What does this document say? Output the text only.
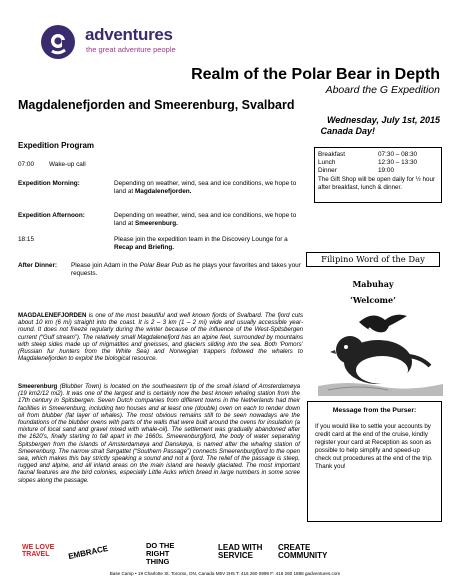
adventures
the great adventure people
Realm of the Polar Bear in Depth
Aboard the G Expedition
Magdalenefjorden and Smeerenburg, Svalbard
Wednesday, July 1st, 2015
Canada Day!
Expedition Program
07:00 Wake-up call
Expedition Morning:	Depending on weather, wind, sea and ice conditions, we hope to land at Magdalenefjorden.
Expedition Afternoon:	Depending on weather, wind, sea and ice conditions, we hope to land at Smeerenburg.
18:15	Please join the expedition team in the Discovery Lounge for a Recap and Briefing.
After Dinner: Please join Adam in the Polar Bear Pub as he plays your favorites and takes your requests.
Breakfast	07:30 – 08:30
Lunch	12:30 – 13:30
Dinner	19:00
The Gift Shop will be open daily for ½ hour after breakfast, lunch & dinner.
Filipino Word of the Day
Mabuhay
‘Welcome’
MAGDALENEFJORDEN is one of the most beautiful and well known fjords of Svalbard. The fjord cuts about 10 km (6 mi) straight into the coast. It is 2 – 3 km (1 – 2 mi) wide and usually accessible year-round. It does not freeze regularly during the winter because of the influence of the West-Spitsbergen current (“Gulf stream”). The relatively small Magdalenefjord has an alpine feel, surrounded by mountains with steep sides made up of migmatites and gneisses, and glaciers sliding into the sea. Both ‘Pomors’ (Russian fur hunters from the White Sea) and Norwegian trappers followed the whalers to Magdalenefjorden to exploit the biological resource.
Smeerenburg (Blubber Town) is located on the southeastern tip of the small island of Amsterdamøya (19 km2/12 mi2). It was one of the largest and is certainly now the best known whaling station from the 17th century in Spitsbergen. Seven Dutch companies from different towns in the Netherlands had their facilities in Smeerenburg, including two houses and at least one (double) oven on each to render down oil from blubber (fat layer of whales). The most obvious remains still to be seen nowadays are the foundations of the blubber ovens with parts of the walls that were built around the ovens for insulation (a mixture of local sand and gravel mixed with whale-oil). The settlement was gradually abandoned after the 1620’s, finally starting to fall apart in the 1660s. Smeerenburgfjord, the body of water separating Spitsbergen from the islands of Amsterdamøya and Danskøya, is named after the whaling station of Smeerenburg. The narrow strait Sørgattet (“Southern Passage”) connects Smeerenburgfjord to the open sea, which makes this bay strictly speaking a sound and not a fjord. The relief of the passage is steep, rugged and alpine, and all inland areas on the main island are heavily glaciated. The most important faunal features are the bird colonies, especially Little Auks which breed in large numbers in some scree slopes along the passage.
Message from the Purser:
If you would like to settle your accounts by credit card at the end of the cruise, kindly register your card at Reception as soon as possible to help simplify and speed-up check out procedures at the end of the trip. Thank you!
WE LOVE TRAVEL	EMBRACE	DO THE RIGHT THING
LEAD WITH SERVICE
CREATE COMMUNITY
Base Camp • 19 Charlotte St. Toronto, ON, Canada M5V 2H5 T: 416 260 0999 F: 416 260 1888 gadventures.com
